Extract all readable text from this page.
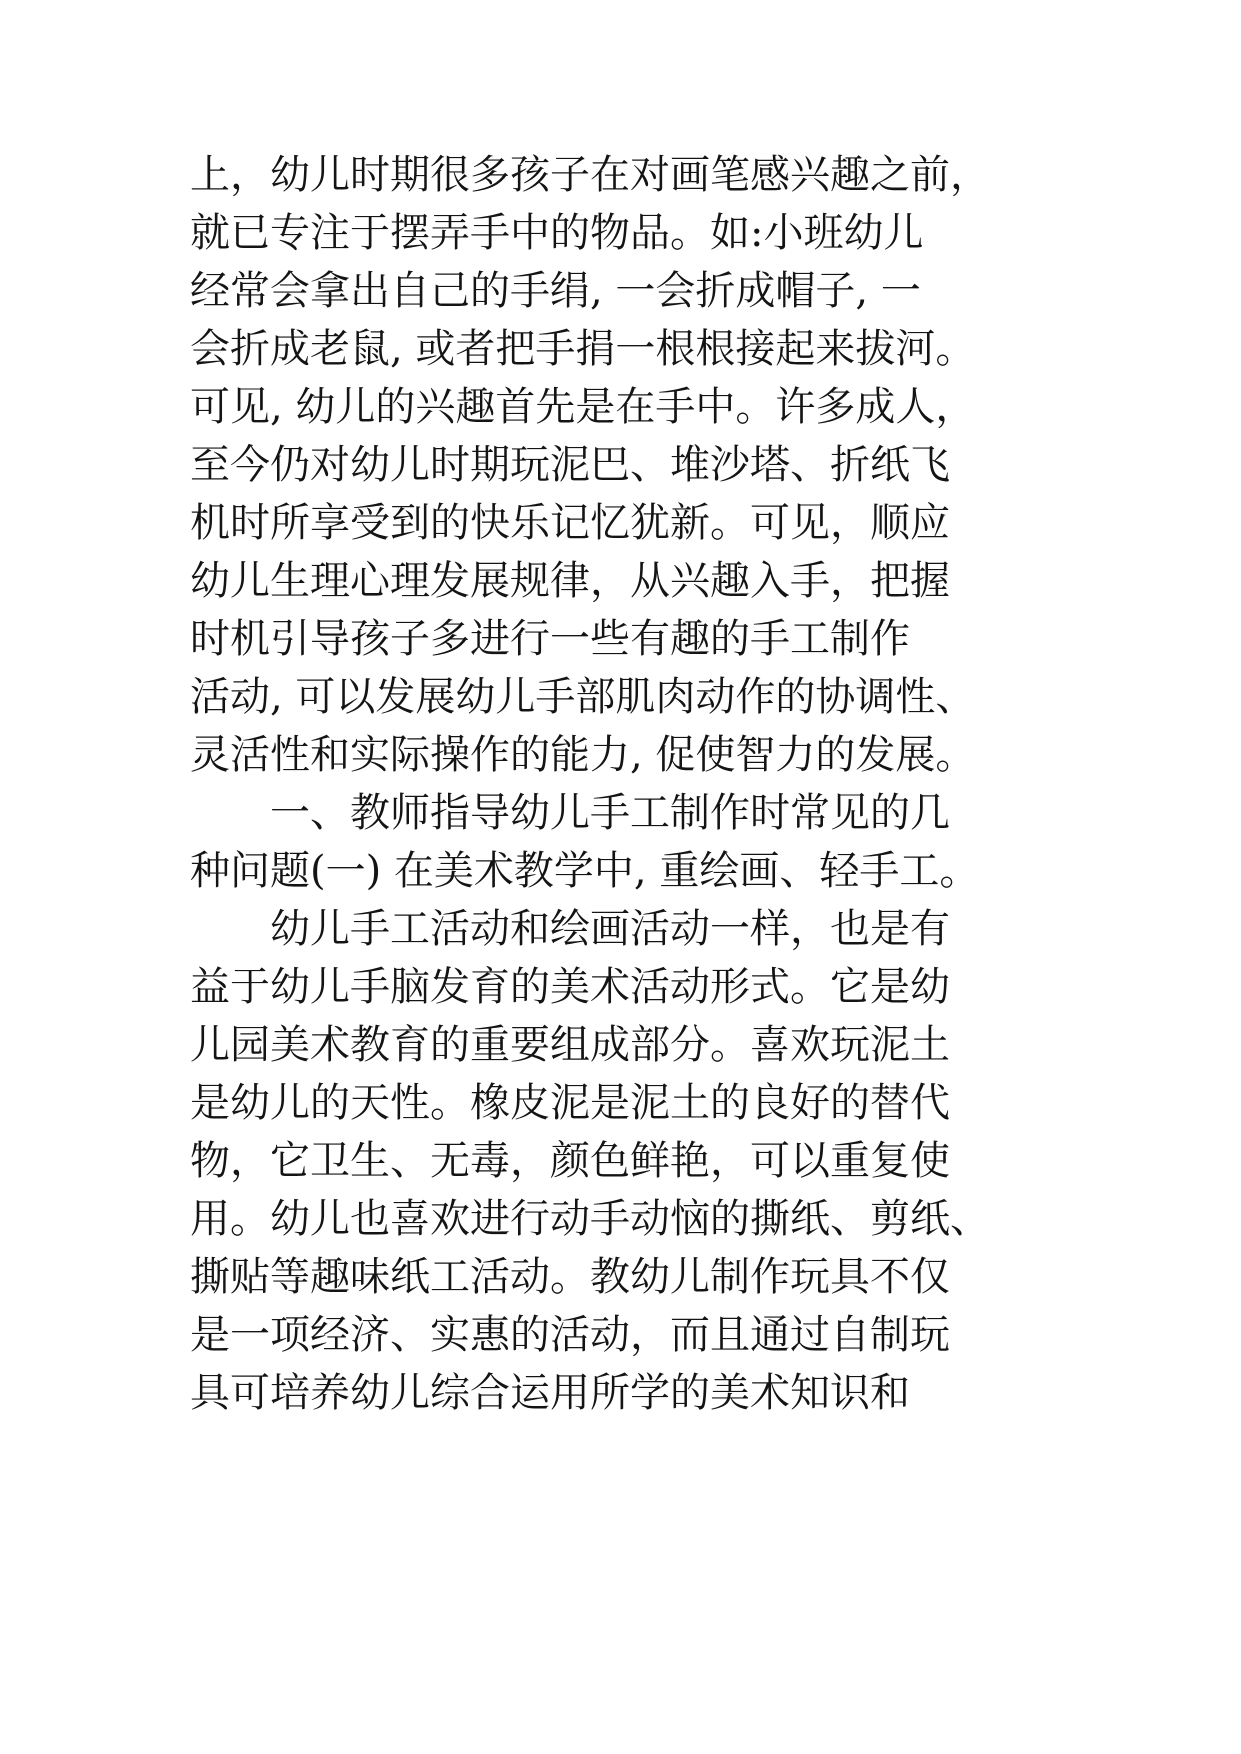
上，幼儿时期很多孩子在对画笔感兴趣之前，
就已专注于摆弄手中的物品。如:小班幼儿
经常会拿出自己的手绢, 一会折成帽子, 一
会折成老鼠, 或者把手捐一根根接起来拔河。
可见, 幼儿的兴趣首先是在手中。许多成人，
至今仍对幼儿时期玩泥巴、堆沙塔、折纸飞
机时所享受到的快乐记忆犹新。可见，顺应
幼儿生理心理发展规律，从兴趣入手，把握
时机引导孩子多进行一些有趣的手工制作
活动, 可以发展幼儿手部肌肉动作的协调性、
灵活性和实际操作的能力, 促使智力的发展。
一、教师指导幼儿手工制作时常见的几
种问题(一) 在美术教学中, 重绘画、轻手工。
幼儿手工活动和绘画活动一样，也是有
益于幼儿手脑发育的美术活动形式。它是幼
儿园美术教育的重要组成部分。喜欢玩泥土
是幼儿的天性。橡皮泥是泥土的良好的替代
物，它卫生、无毒，颜色鲜艳，可以重复使
用。幼儿也喜欢进行动手动恼的撕纸、剪纸、
撕贴等趣味纸工活动。教幼儿制作玩具不仅
是一项经济、实惠的活动，而且通过自制玩
具可培养幼儿综合运用所学的美术知识和
